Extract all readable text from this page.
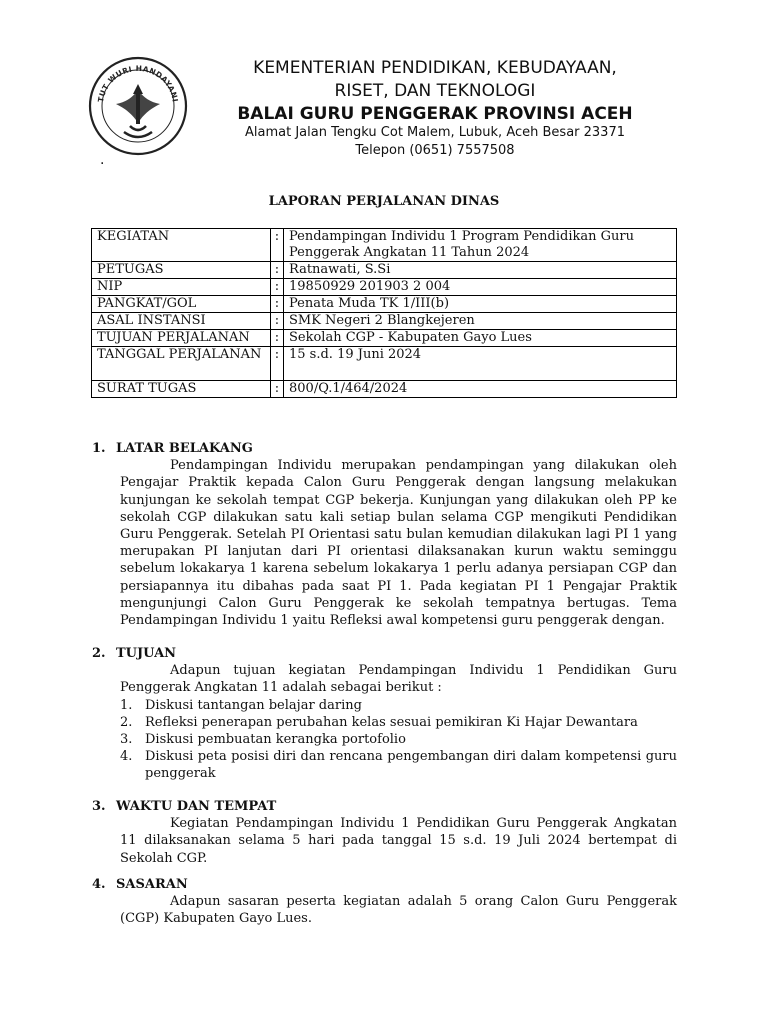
TUT WURI HANDAYANI
KEMENTERIAN PENDIDIKAN, KEBUDAYAAN,
RISET, DAN TEKNOLOGI
BALAI GURU PENGGERAK PROVINSI ACEH
Alamat Jalan Tengku Cot Malem, Lubuk, Aceh Besar 23371
Telepon (0651) 7557508
.
LAPORAN PERJALANAN DINAS
KEGIATAN	:	Pendampingan Individu 1 Program Pendidikan Guru Penggerak Angkatan 11 Tahun 2024
PETUGAS	:	Ratnawati, S.Si
NIP	:	19850929 201903 2 004
PANGKAT/GOL	:	Penata Muda TK 1/III(b)
ASAL INSTANSI	:	SMK Negeri 2 Blangkejeren
TUJUAN PERJALANAN	:	Sekolah CGP - Kabupaten Gayo Lues
TANGGAL PERJALANAN	:	15 s.d. 19 Juni 2024
SURAT TUGAS	:	800/Q.1/464/2024
1. LATAR BELAKANG
Pendampingan Individu merupakan pendampingan yang dilakukan oleh Pengajar Praktik kepada Calon Guru Penggerak dengan langsung melakukan kunjungan ke sekolah tempat CGP bekerja. Kunjungan yang dilakukan oleh PP ke sekolah CGP dilakukan satu kali setiap bulan selama CGP mengikuti Pendidikan Guru Penggerak. Setelah PI Orientasi satu bulan kemudian dilakukan lagi PI 1 yang merupakan PI lanjutan dari PI orientasi dilaksanakan kurun waktu seminggu sebelum lokakarya 1 karena sebelum lokakarya 1 perlu adanya persiapan CGP dan persiapannya itu dibahas pada saat PI 1. Pada kegiatan PI 1 Pengajar Praktik mengunjungi Calon Guru Penggerak ke sekolah tempatnya bertugas. Tema Pendampingan Individu 1 yaitu Refleksi awal kompetensi guru penggerak dengan.
2. TUJUAN
Adapun tujuan kegiatan Pendampingan Individu 1 Pendidikan Guru Penggerak Angkatan 11 adalah sebagai berikut :
1. Diskusi tantangan belajar daring
2. Refleksi penerapan perubahan kelas sesuai pemikiran Ki Hajar Dewantara
3. Diskusi pembuatan kerangka portofolio
4. Diskusi peta posisi diri dan rencana pengembangan diri dalam kompetensi guru penggerak
3. WAKTU DAN TEMPAT
Kegiatan Pendampingan Individu 1 Pendidikan Guru Penggerak Angkatan 11 dilaksanakan selama 5 hari pada tanggal 15 s.d. 19 Juli 2024 bertempat di Sekolah CGP.
4. SASARAN
Adapun sasaran peserta kegiatan adalah 5 orang Calon Guru Penggerak (CGP) Kabupaten Gayo Lues.
